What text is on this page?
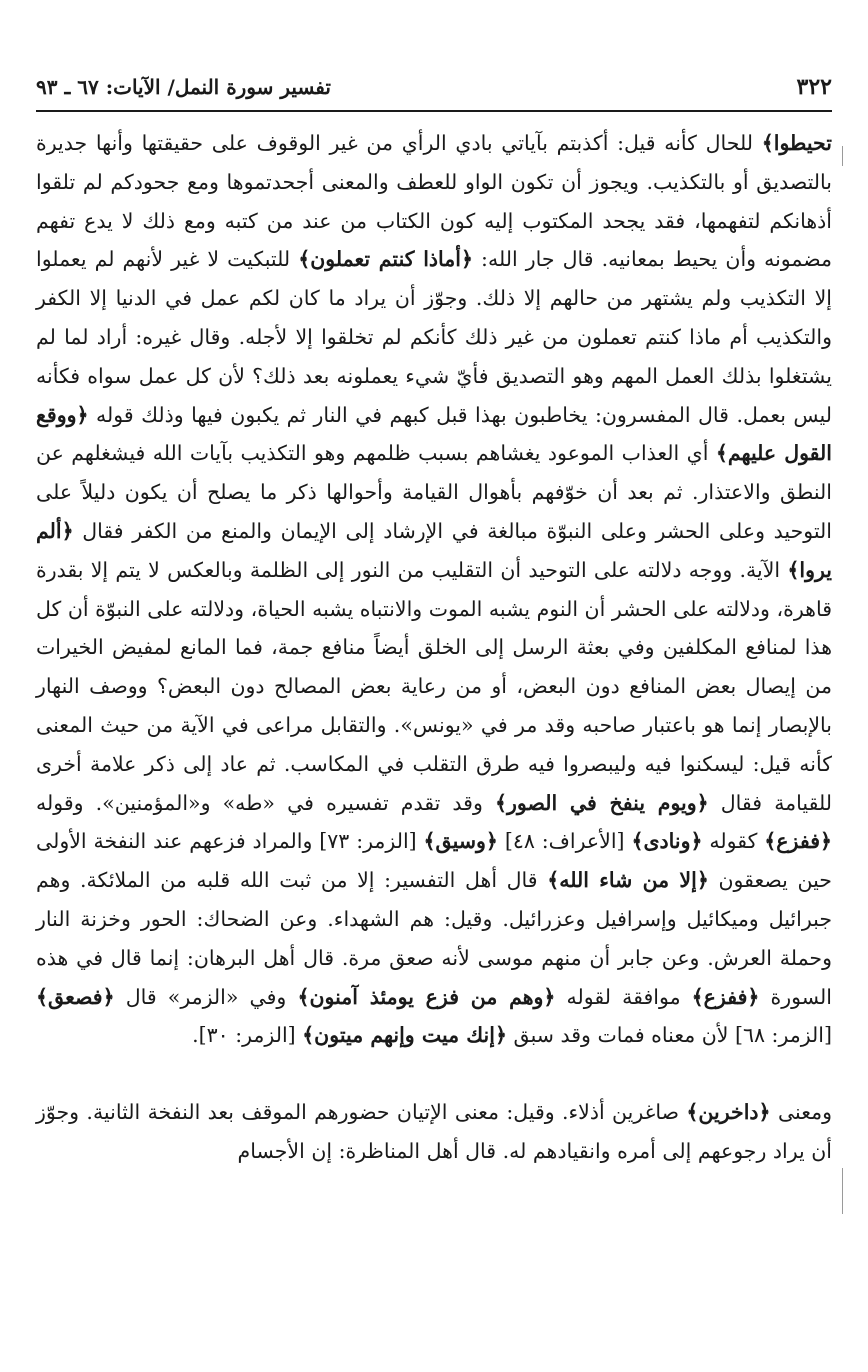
٣٢٢
تفسير سورة النمل/ الآيات: ٦٧ ـ ٩٣

تحيطوا﴾ للحال كأنه قيل: أكذبتم بآياتي بادي الرأي من غير الوقوف على حقيقتها وأنها جديرة بالتصديق أو بالتكذيب. ويجوز أن تكون الواو للعطف والمعنى أجحدتموها ومع جحودكم لم تلقوا أذهانكم لتفهمها، فقد يجحد المكتوب إليه كون الكتاب من عند من كتبه ومع ذلك لا يدع تفهم مضمونه وأن يحيط بمعانيه. قال جار الله: ﴿أماذا كنتم تعملون﴾ للتبكيت لا غير لأنهم لم يعملوا إلا التكذيب ولم يشتهر من حالهم إلا ذلك. وجوّز أن يراد ما كان لكم عمل في الدنيا إلا الكفر والتكذيب أم ماذا كنتم تعملون من غير ذلك كأنكم لم تخلقوا إلا لأجله. وقال غيره: أراد لما لم يشتغلوا بذلك العمل المهم وهو التصديق فأيّ شيء يعملونه بعد ذلك؟ لأن كل عمل سواه فكأنه ليس بعمل. قال المفسرون: يخاطبون بهذا قبل كبهم في النار ثم يكبون فيها وذلك قوله ﴿ووقع القول عليهم﴾ أي العذاب الموعود يغشاهم بسبب ظلمهم وهو التكذيب بآيات الله فيشغلهم عن النطق والاعتذار. ثم بعد أن خوّفهم بأهوال القيامة وأحوالها ذكر ما يصلح أن يكون دليلاً على التوحيد وعلى الحشر وعلى النبوّة مبالغة في الإرشاد إلى الإيمان والمنع من الكفر فقال ﴿ألم يروا﴾ الآية. ووجه دلالته على التوحيد أن التقليب من النور إلى الظلمة وبالعكس لا يتم إلا بقدرة قاهرة، ودلالته على الحشر أن النوم يشبه الموت والانتباه يشبه الحياة، ودلالته على النبوّة أن كل هذا لمنافع المكلفين وفي بعثة الرسل إلى الخلق أيضاً منافع جمة، فما المانع لمفيض الخيرات من إيصال بعض المنافع دون البعض، أو من رعاية بعض المصالح دون البعض؟ ووصف النهار بالإبصار إنما هو باعتبار صاحبه وقد مر في «يونس». والتقابل مراعى في الآية من حيث المعنى كأنه قيل: ليسكنوا فيه وليبصروا فيه طرق التقلب في المكاسب. ثم عاد إلى ذكر علامة أخرى للقيامة فقال ﴿ويوم ينفخ في الصور﴾ وقد تقدم تفسيره في «طه» و«المؤمنين». وقوله ﴿ففزع﴾ كقوله ﴿ونادى﴾ [الأعراف: ٤٨] ﴿وسيق﴾ [الزمر: ٧٣] والمراد فزعهم عند النفخة الأولى حين يصعقون ﴿إلا من شاء الله﴾ قال أهل التفسير: إلا من ثبت الله قلبه من الملائكة. وهم جبرائيل وميكائيل وإسرافيل وعزرائيل. وقيل: هم الشهداء. وعن الضحاك: الحور وخزنة النار وحملة العرش. وعن جابر أن منهم موسى لأنه صعق مرة. قال أهل البرهان: إنما قال في هذه السورة ﴿ففزع﴾ موافقة لقوله ﴿وهم من فزع يومئذ آمنون﴾ وفي «الزمر» قال ﴿فصعق﴾ [الزمر: ٦٨] لأن معناه فمات وقد سبق ﴿إنك ميت وإنهم ميتون﴾ [الزمر: ٣٠].

ومعنى ﴿داخرين﴾ صاغرين أذلاء. وقيل: معنى الإتيان حضورهم الموقف بعد النفخة الثانية. وجوّز أن يراد رجوعهم إلى أمره وانقيادهم له. قال أهل المناظرة: إن الأجسام
